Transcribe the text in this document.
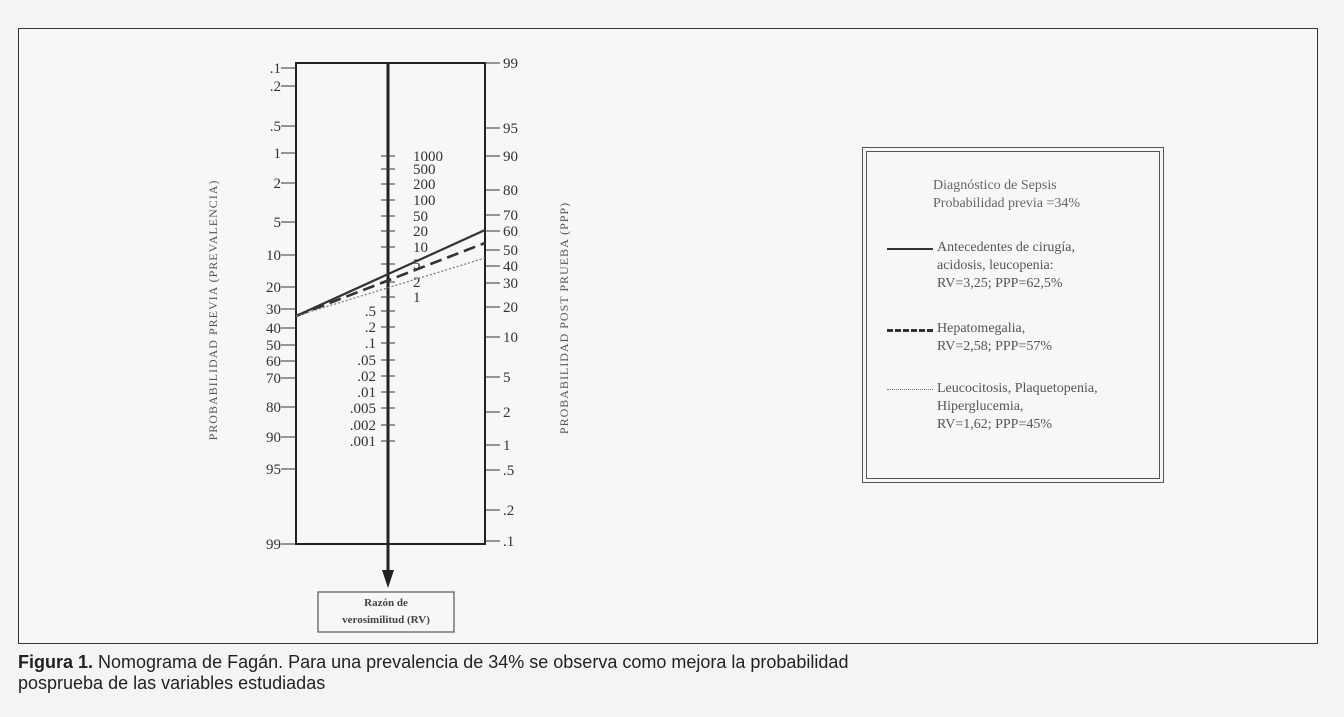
PROBABILIDAD PREVIA (PREVALENCIA)	PROBABILIDAD POST PRUEBA (PPP)
.1
.2
.5
1
2
5
10
20
30
40
50
60
70
80
90
95
99
99
95
90
80
70
60
50
40
30
20
10
5
2
1
.5
.2
.1
1000
500
200
100
50
20
10
5
2
1
.5
.2
.1
.05
.02
.01
.005
.002
.001
Razón de
verosimilitud (RV)
Diagnóstico de Sepsis
Probabilidad previa =34%
Antecedentes de cirugía,
acidosis, leucopenia:
RV=3,25; PPP=62,5%
Hepatomegalia,
RV=2,58; PPP=57%
Leucocitosis, Plaquetopenia,
Hiperglucemia,
RV=1,62; PPP=45%
Figura 1. Nomograma de Fagán. Para una prevalencia de 34% se observa como mejora la probabilidad
posprueba de las variables estudiadas
